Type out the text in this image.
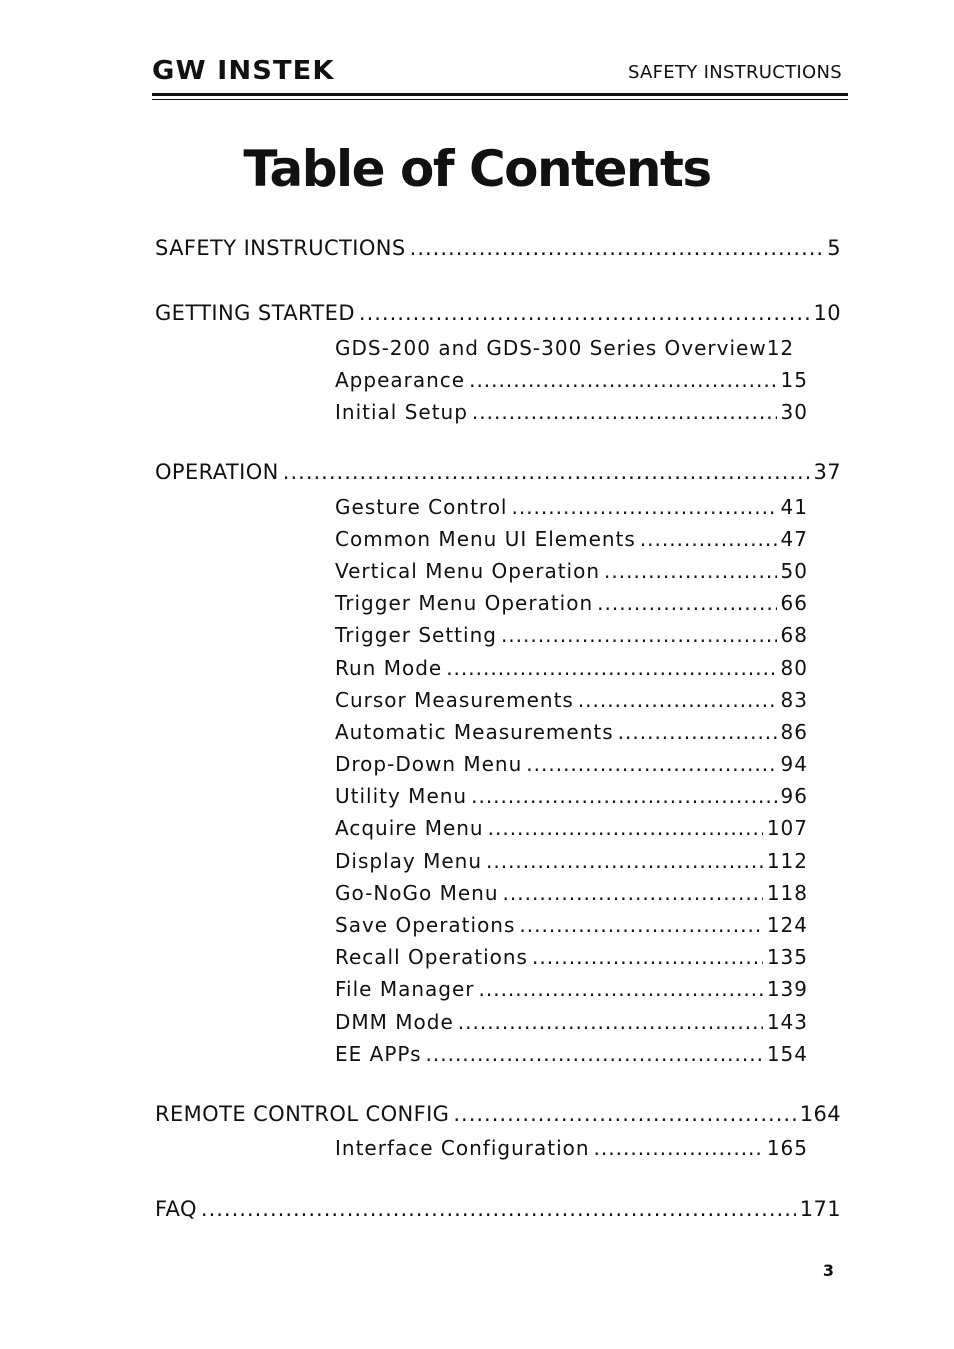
GW INSTEK	SAFETY INSTRUCTIONS
Table of Contents
SAFETY INSTRUCTIONS .....	5
GETTING STARTED .....	10
GDS-200 and GDS-300 Series Overview 12
Appearance .....	15
Initial Setup .....	30
OPERATION .....	37
Gesture Control .....	41
Common Menu UI Elements .....	47
Vertical Menu Operation .....	50
Trigger Menu Operation .....	66
Trigger Setting .....	68
Run Mode .....	80
Cursor Measurements .....	83
Automatic Measurements .....	86
Drop-Down Menu .....	94
Utility Menu .....	96
Acquire Menu .....	107
Display Menu .....	112
Go-NoGo Menu .....	118
Save Operations .....	124
Recall Operations .....	135
File Manager .....	139
DMM Mode .....	143
EE APPs .....	154
REMOTE CONTROL CONFIG .....	164
Interface Configuration .....	165
FAQ .....	171
3
